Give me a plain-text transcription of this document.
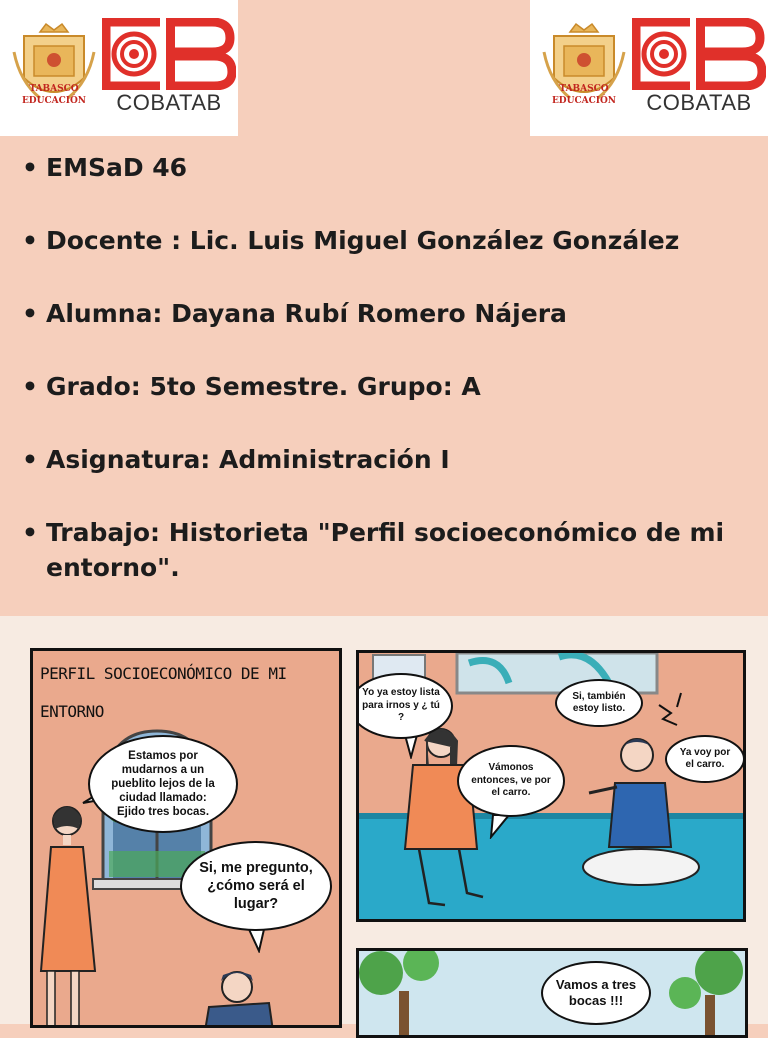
TABASCO
EDUCACIÓN	COBATAB
TABASCO
EDUCACIÓN	COBATAB
• EMSaD 46
• Docente : Lic. Luis Miguel González González
• Alumna: Dayana Rubí Romero Nájera
• Grado: 5to Semestre. Grupo: A
• Asignatura: Administración I
• Trabajo: Historieta "Perfil socioeconómico de mi entorno".
PERFIL SOCIOECONÓMICO DE MI ENTORNO
Estamos por mudarnos a un pueblito lejos de la ciudad llamado: Ejido tres bocas.
Si, me pregunto, ¿cómo será el lugar?
Yo ya estoy lista para irnos y ¿ tú ?
Si, también estoy listo.
Vámonos entonces, ve por el carro.
Ya voy por el carro.
Vamos a tres bocas !!!
